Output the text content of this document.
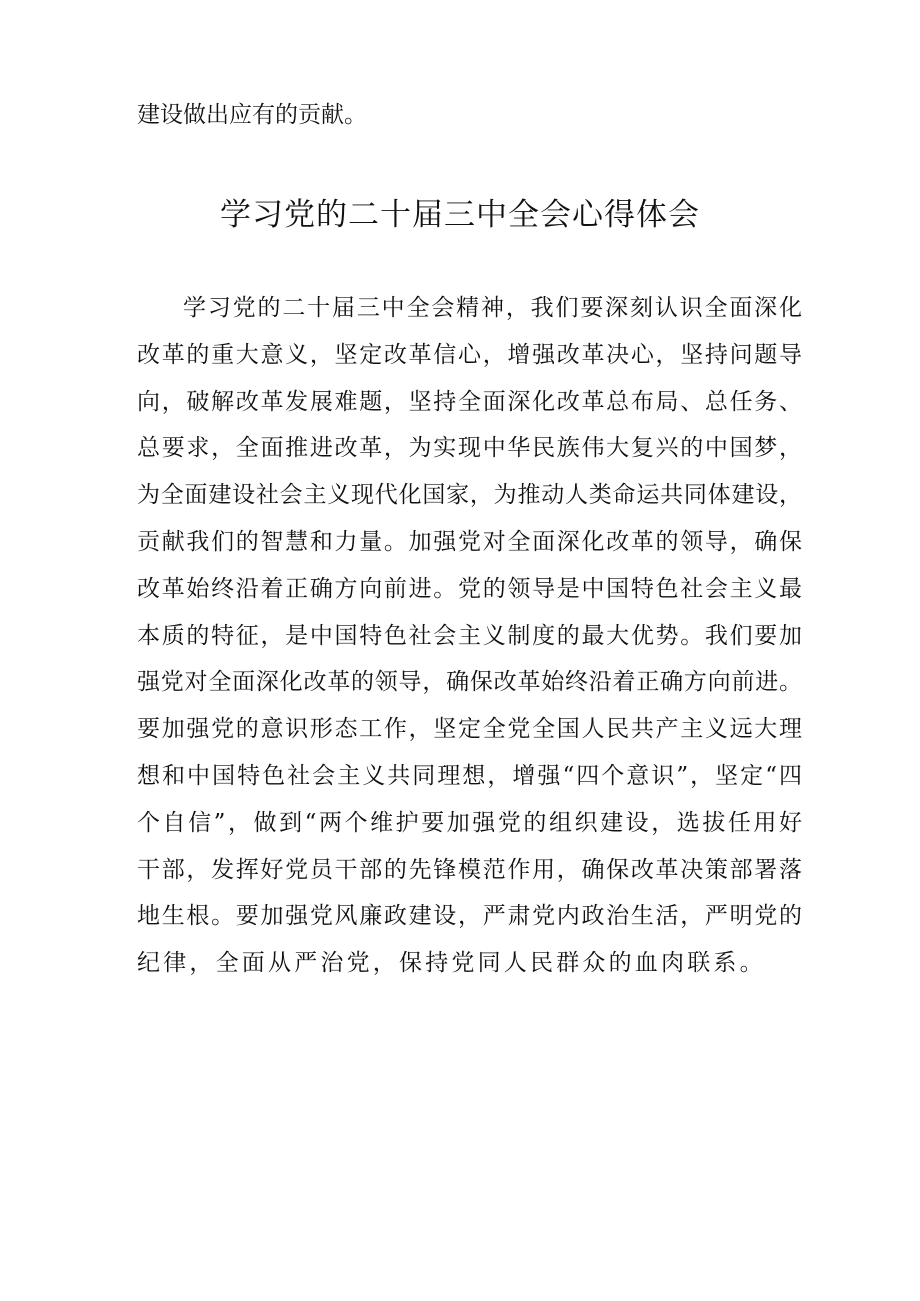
建设做出应有的贡献。
学习党的二十届三中全会心得体会
学习党的二十届三中全会精神，我们要深刻认识全面深化
改革的重大意义，坚定改革信心，增强改革决心，坚持问题导
向，破解改革发展难题，坚持全面深化改革总布局、总任务、
总要求，全面推进改革，为实现中华民族伟大复兴的中国梦，
为全面建设社会主义现代化国家，为推动人类命运共同体建设，
贡献我们的智慧和力量。加强党对全面深化改革的领导，确保
改革始终沿着正确方向前进。党的领导是中国特色社会主义最
本质的特征，是中国特色社会主义制度的最大优势。我们要加
强党对全面深化改革的领导，确保改革始终沿着正确方向前进。
要加强党的意识形态工作，坚定全党全国人民共产主义远大理
想和中国特色社会主义共同理想，增强“四个意识”，坚定“四
个自信”，做到“两个维护要加强党的组织建设，选拔任用好
干部，发挥好党员干部的先锋模范作用，确保改革决策部署落
地生根。要加强党风廉政建设，严肃党内政治生活，严明党的
纪律，全面从严治党，保持党同人民群众的血肉联系。
